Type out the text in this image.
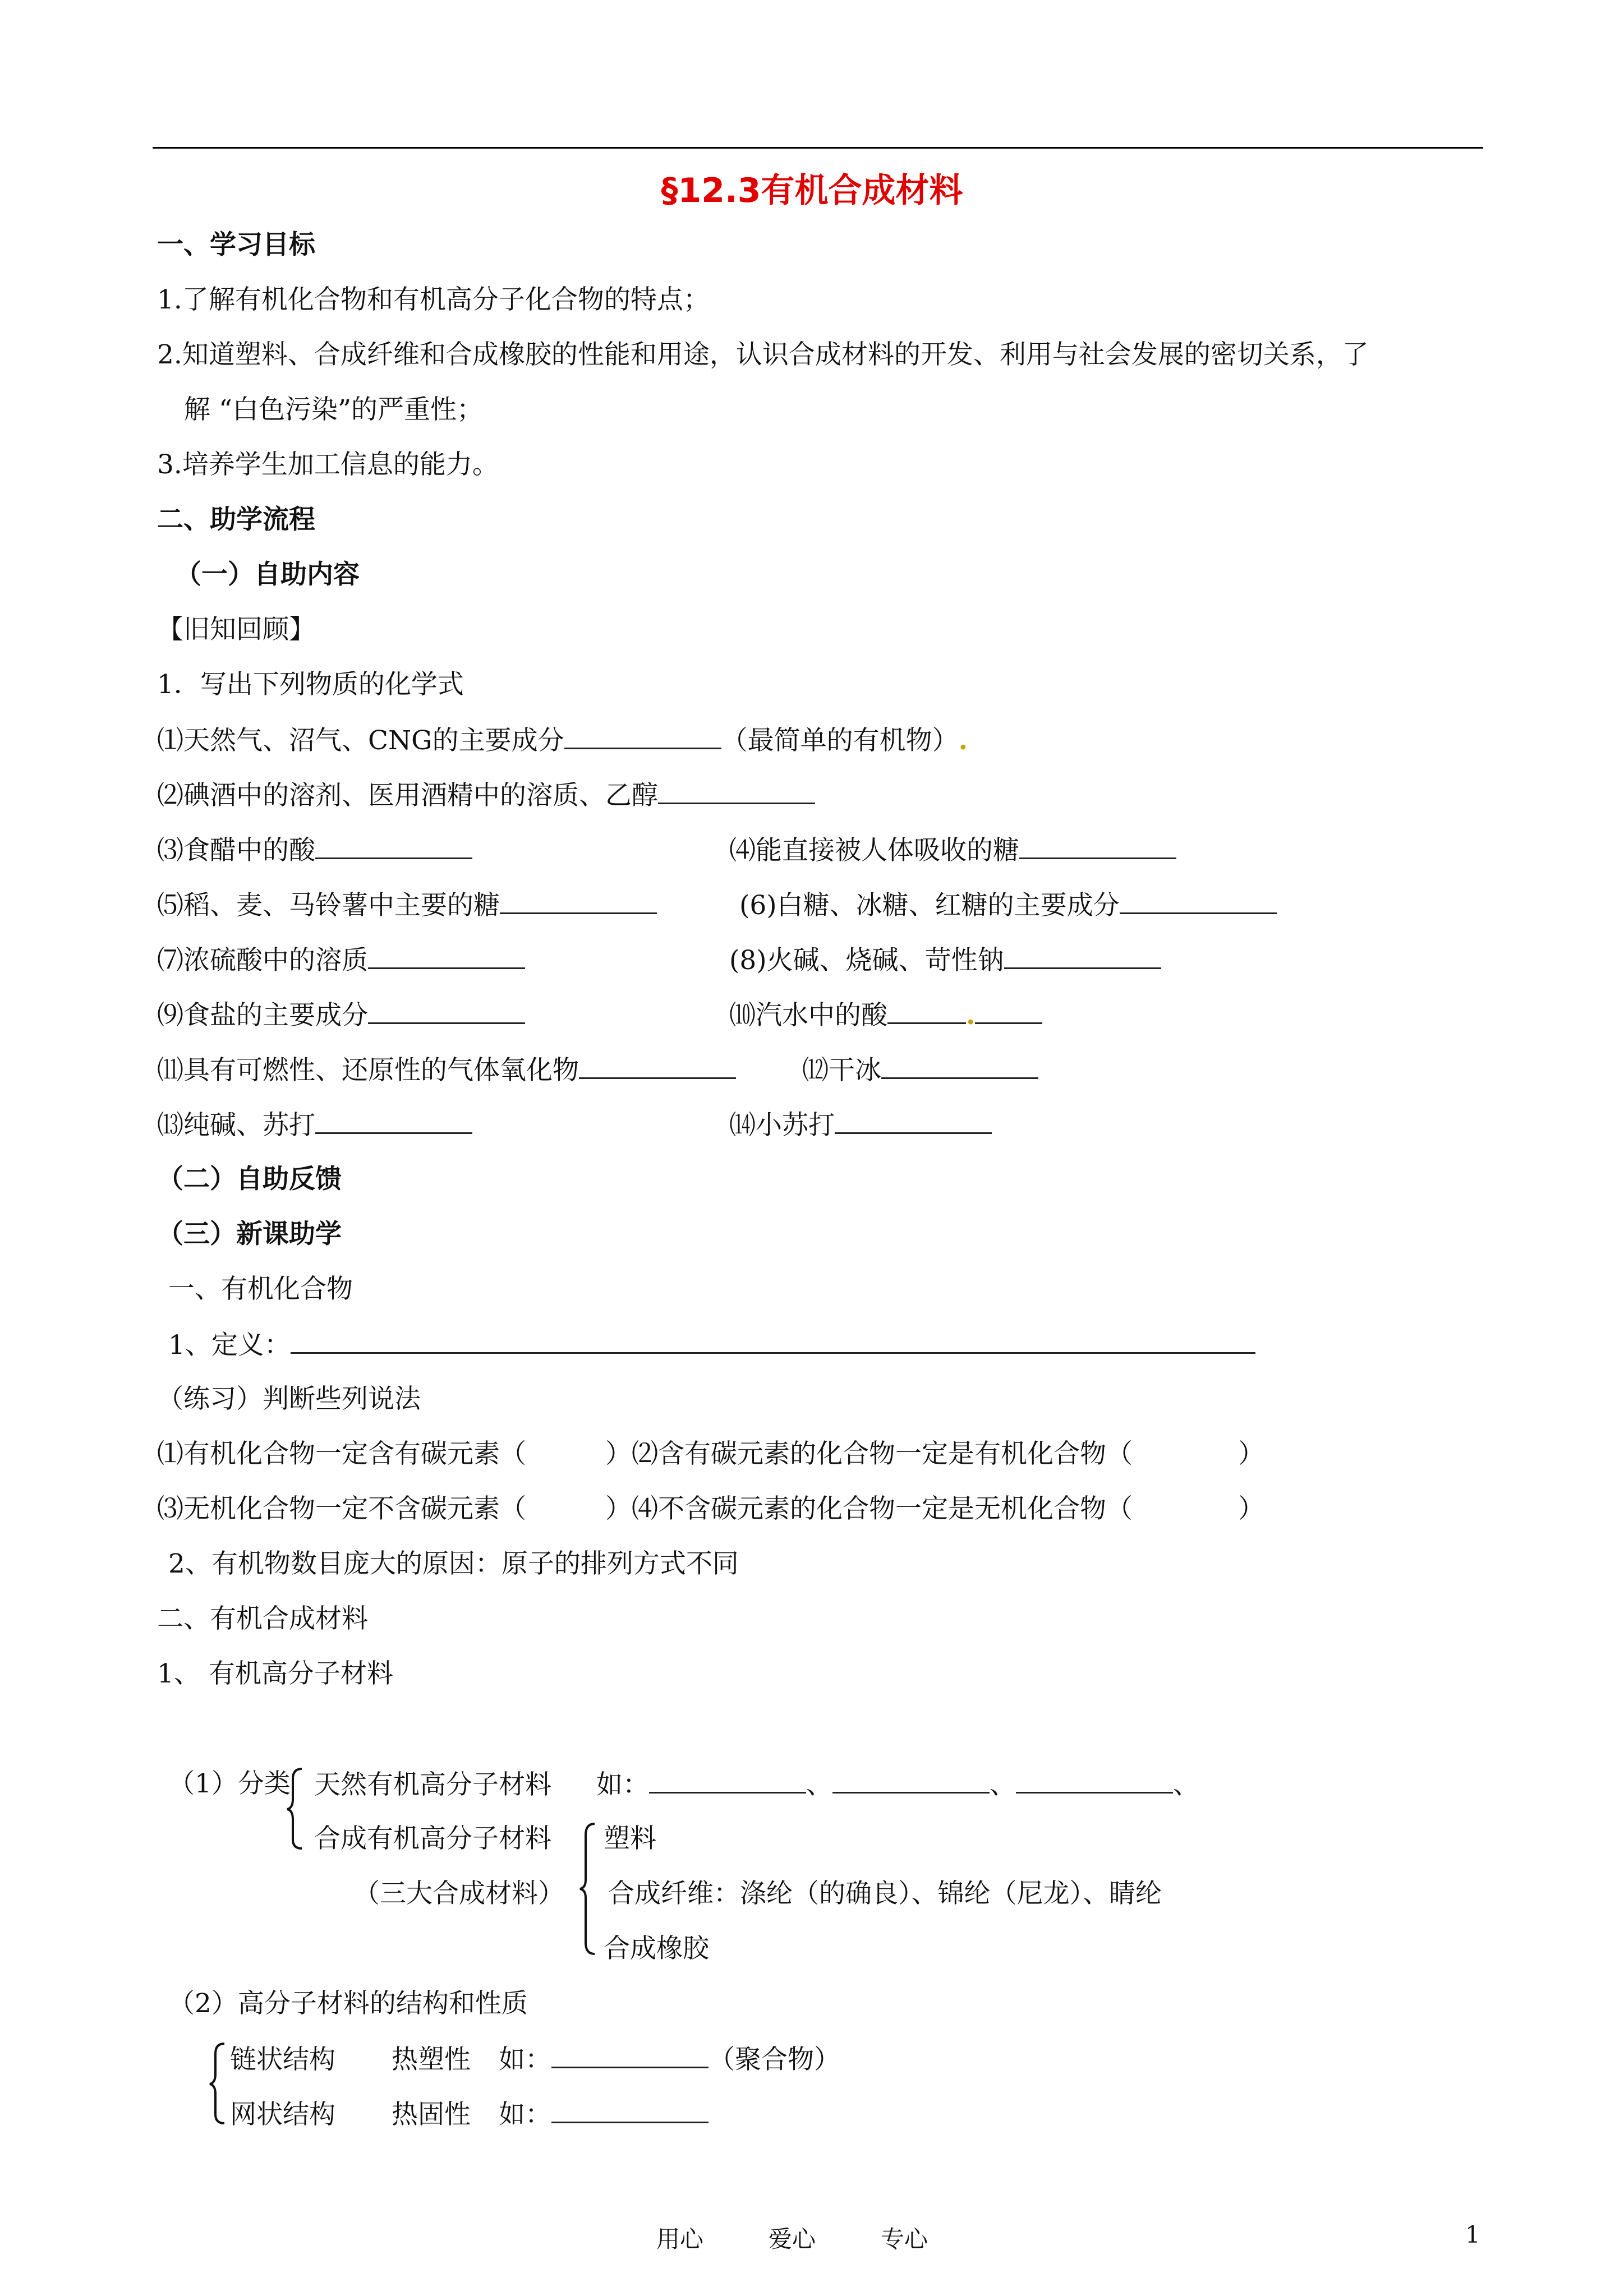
§12.3有机合成材料
一、学习目标
1.了解有机化合物和有机高分子化合物的特点；
2.知道塑料、合成纤维和合成橡胶的性能和用途，认识合成材料的开发、利用与社会发展的密切关系，了
解 “白色污染”的严重性；
3.培养学生加工信息的能力。
二、助学流程
（一）自助内容
【旧知回顾】
1．写出下列物质的化学式
⑴天然气、沼气、CNG的主要成分	（最简单的有机物）.
⑵碘酒中的溶剂、医用酒精中的溶质、乙醇
⑶食醋中的酸	⑷能直接被人体吸收的糖
⑸稻、麦、马铃薯中主要的糖	(6)白糖、冰糖、红糖的主要成分
⑺浓硫酸中的溶质	(8)火碱、烧碱、苛性钠
⑼食盐的主要成分	⑽汽水中的酸	.
⑾具有可燃性、还原性的气体氧化物	⑿干冰
⒀纯碱、苏打	⒁小苏打
（二）自助反馈
（三）新课助学
一、有机化合物
1、定义：
（练习）判断些列说法
⑴有机化合物一定含有碳元素（　　　）⑵含有碳元素的化合物一定是有机化合物（　　　　）
⑶无机化合物一定不含碳元素（　　　）⑷不含碳元素的化合物一定是无机化合物（　　　　）
2、有机物数目庞大的原因：原子的排列方式不同
二、有机合成材料
1、 有机高分子材料
（1）分类 天然有机高分子材料 如：	、	、	、
合成有机高分子材料 塑料
（三大合成材料） 合成纤维：涤纶（的确良）、锦纶（尼龙）、睛纶
合成橡胶
（2）高分子材料的结构和性质
链状结构 热塑性 如：	（聚合物）
网状结构 热固性 如：
用心	爱心	专心	1
